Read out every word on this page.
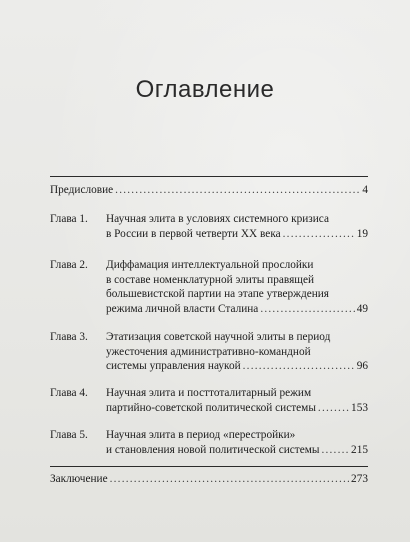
Оглавление
Предисловие .....	4
Глава 1. Научная элита в условиях системного кризиса
в России в первой четверти XX века .....	19
Глава 2. Диффамация интеллектуальной прослойки
в составе номенклатурной элиты правящей
большевистской партии на этапе утверждения
режима личной власти Сталина .....	49
Глава 3. Этатизация советской научной элиты в период
ужесточения административно-командной
системы управления наукой .....	96
Глава 4. Научная элита и посттоталитарный режим
партийно-советской политической системы .....	153
Глава 5. Научная элита в период «перестройки»
и становления новой политической системы .....	215
Заключение .....	273
